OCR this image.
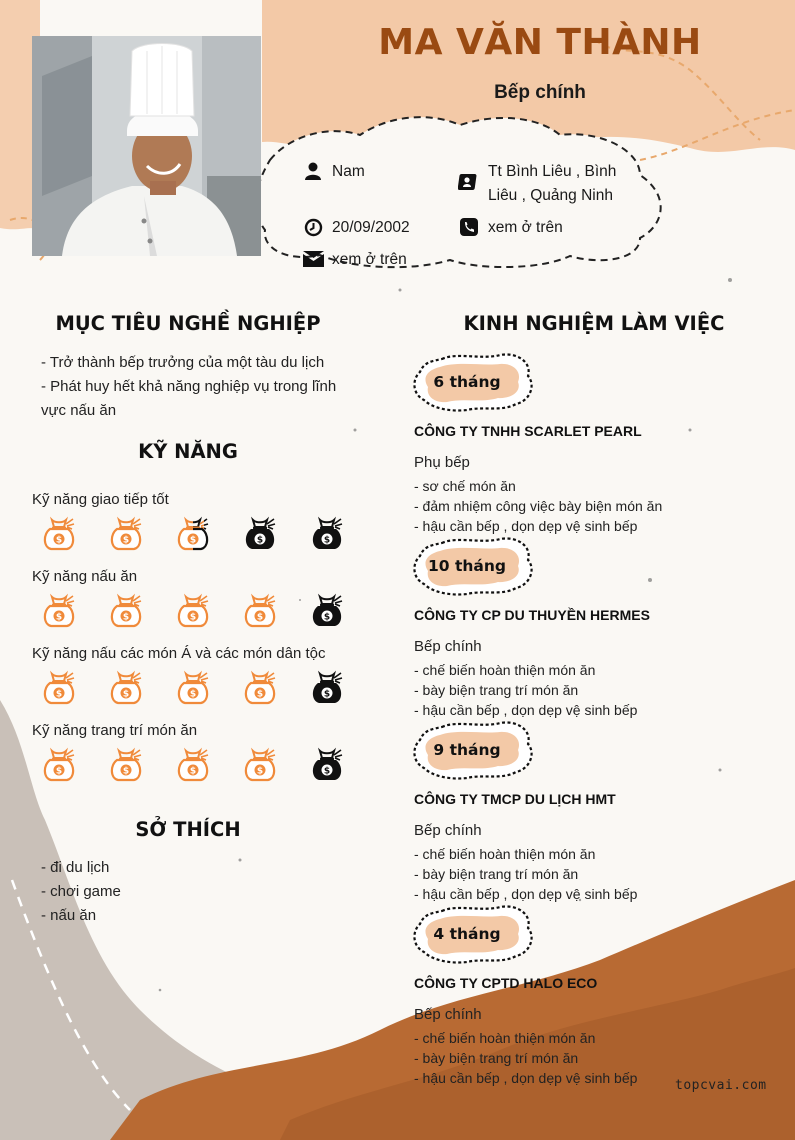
MA VĂN THÀNH
Bếp chính
Nam	Tt Bình Liêu , Bình
Liêu , Quảng Ninh
20/09/2002	xem ở trên
xem ở trên
MỤC TIÊU NGHỀ NGHIỆP
- Trở thành bếp trưởng của một tàu du lịch
- Phát huy hết khả năng nghiệp vụ trong lĩnh
vực nấu ăn
KỸ NĂNG
Kỹ năng giao tiếp tốt
$	$	$	$	$
Kỹ năng nấu ăn
$	$	$	$	$
Kỹ năng nấu các món Á và các món dân tộc
$	$	$	$	$
Kỹ năng trang trí món ăn
$	$	$	$	$
SỞ THÍCH
- đi du lịch
- chơi game
- nấu ăn
KINH NGHIỆM LÀM VIỆC
6 tháng
CÔNG TY TNHH SCARLET PEARL
Phụ bếp
- sơ chế món ăn
- đảm nhiệm công việc bày biện món ăn
- hậu cần bếp , dọn dẹp vệ sinh bếp
10 tháng
CÔNG TY CP DU THUYỀN HERMES
Bếp chính
- chế biến hoàn thiện món ăn
- bày biện trang trí món ăn
- hậu cần bếp , dọn dẹp vệ sinh bếp
9 tháng
CÔNG TY TMCP DU LỊCH HMT
Bếp chính
- chế biến hoàn thiện món ăn
- bày biện trang trí món ăn
- hậu cần bếp , dọn dẹp vệ sinh bếp
4 tháng
CÔNG TY CPTD HALO ECO
Bếp chính
- chế biến hoàn thiện món ăn
- bày biện trang trí món ăn
- hậu cần bếp , dọn dẹp vệ sinh bếp	topcvai.com
